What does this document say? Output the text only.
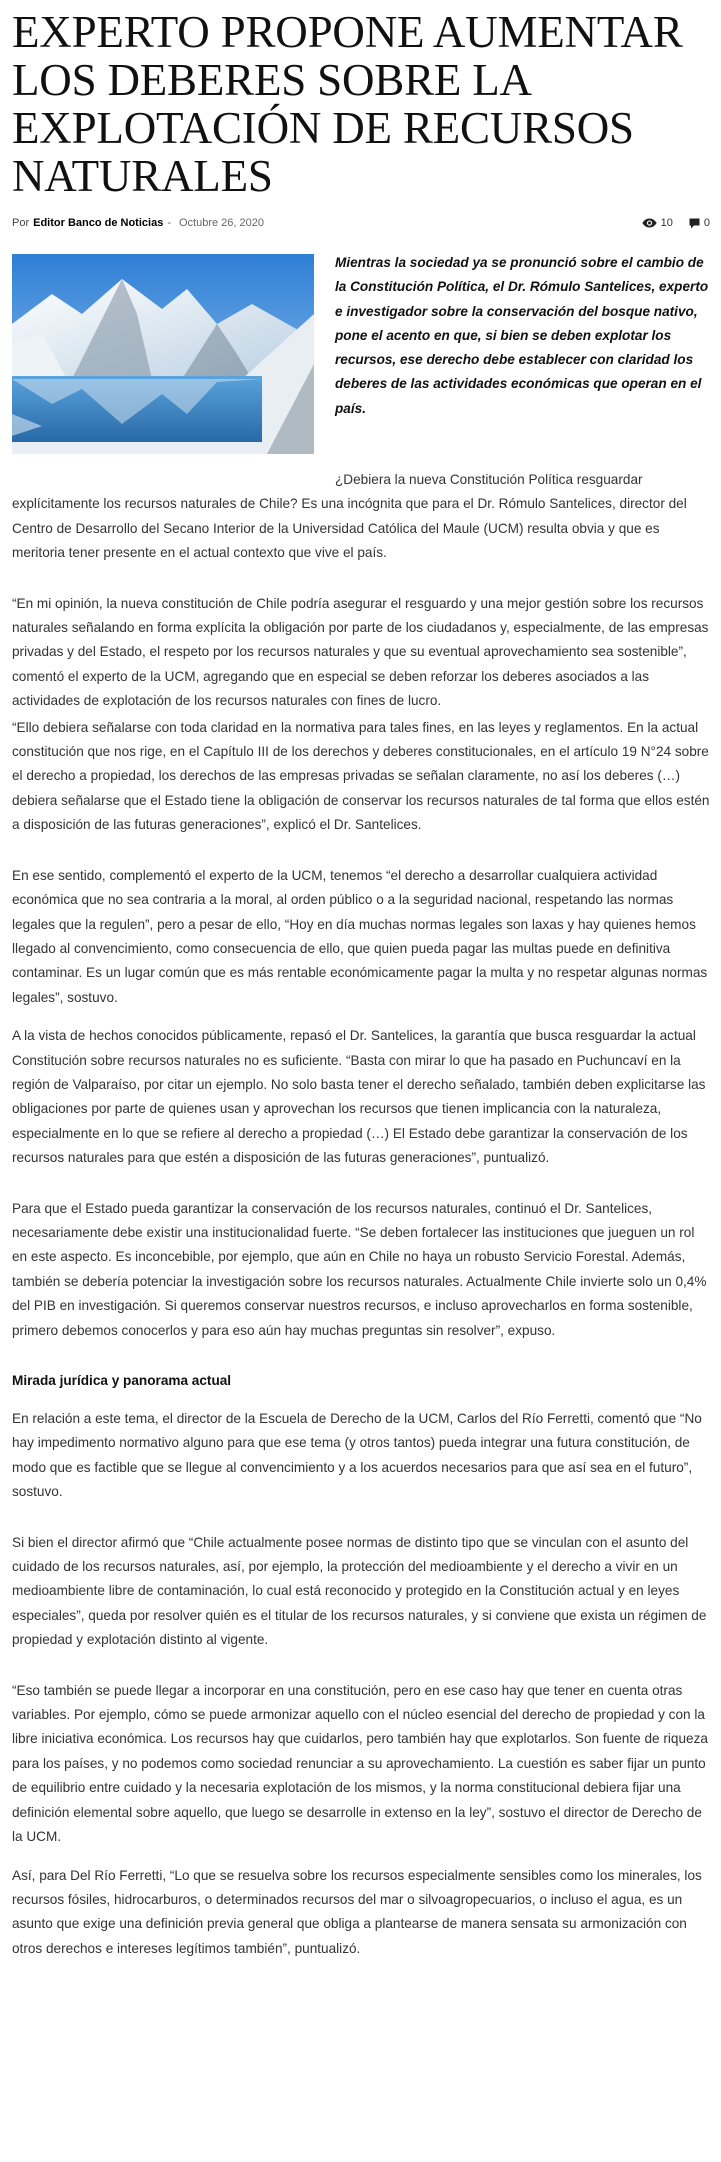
EXPERTO PROPONE AUMENTAR LOS DEBERES SOBRE LA EXPLOTACIÓN DE RECURSOS NATURALES
Por Editor Banco de Noticias - Octubre 26, 2020	10	0

Mientras la sociedad ya se pronunció sobre el cambio de la Constitución Política, el Dr. Rómulo Santelices, experto e investigador sobre la conservación del bosque nativo, pone el acento en que, si bien se deben explotar los recursos, ese derecho debe establecer con claridad los deberes de las actividades económicas que operan en el país.

¿Debiera la nueva Constitución Política resguardar explícitamente los recursos naturales de Chile? Es una incógnita que para el Dr. Rómulo Santelices, director del Centro de Desarrollo del Secano Interior de la Universidad Católica del Maule (UCM) resulta obvia y que es meritoria tener presente en el actual contexto que vive el país.

“En mi opinión, la nueva constitución de Chile podría asegurar el resguardo y una mejor gestión sobre los recursos naturales señalando en forma explícita la obligación por parte de los ciudadanos y, especialmente, de las empresas privadas y del Estado, el respeto por los recursos naturales y que su eventual aprovechamiento sea sostenible”, comentó el experto de la UCM, agregando que en especial se deben reforzar los deberes asociados a las actividades de explotación de los recursos naturales con fines de lucro.

“Ello debiera señalarse con toda claridad en la normativa para tales fines, en las leyes y reglamentos. En la actual constitución que nos rige, en el Capítulo III de los derechos y deberes constitucionales, en el artículo 19 N°24 sobre el derecho a propiedad, los derechos de las empresas privadas se señalan claramente, no así los deberes (…) debiera señalarse que el Estado tiene la obligación de conservar los recursos naturales de tal forma que ellos estén a disposición de las futuras generaciones”, explicó el Dr. Santelices.

En ese sentido, complementó el experto de la UCM, tenemos “el derecho a desarrollar cualquiera actividad económica que no sea contraria a la moral, al orden público o a la seguridad nacional, respetando las normas legales que la regulen”, pero a pesar de ello, “Hoy en día muchas normas legales son laxas y hay quienes hemos llegado al convencimiento, como consecuencia de ello, que quien pueda pagar las multas puede en definitiva contaminar. Es un lugar común que es más rentable económicamente pagar la multa y no respetar algunas normas legales”, sostuvo.

A la vista de hechos conocidos públicamente, repasó el Dr. Santelices, la garantía que busca resguardar la actual Constitución sobre recursos naturales no es suficiente. “Basta con mirar lo que ha pasado en Puchuncaví en la región de Valparaíso, por citar un ejemplo. No solo basta tener el derecho señalado, también deben explicitarse las obligaciones por parte de quienes usan y aprovechan los recursos que tienen implicancia con la naturaleza, especialmente en lo que se refiere al derecho a propiedad (…) El Estado debe garantizar la conservación de los recursos naturales para que estén a disposición de las futuras generaciones”, puntualizó.

Para que el Estado pueda garantizar la conservación de los recursos naturales, continuó el Dr. Santelices, necesariamente debe existir una institucionalidad fuerte. “Se deben fortalecer las instituciones que jueguen un rol en este aspecto. Es inconcebible, por ejemplo, que aún en Chile no haya un robusto Servicio Forestal. Además, también se debería potenciar la investigación sobre los recursos naturales. Actualmente Chile invierte solo un 0,4% del PIB en investigación. Si queremos conservar nuestros recursos, e incluso aprovecharlos en forma sostenible, primero debemos conocerlos y para eso aún hay muchas preguntas sin resolver”, expuso.

Mirada jurídica y panorama actual

En relación a este tema, el director de la Escuela de Derecho de la UCM, Carlos del Río Ferretti, comentó que “No hay impedimento normativo alguno para que ese tema (y otros tantos) pueda integrar una futura constitución, de modo que es factible que se llegue al convencimiento y a los acuerdos necesarios para que así sea en el futuro”, sostuvo.

Si bien el director afirmó que “Chile actualmente posee normas de distinto tipo que se vinculan con el asunto del cuidado de los recursos naturales, así, por ejemplo, la protección del medioambiente y el derecho a vivir en un medioambiente libre de contaminación, lo cual está reconocido y protegido en la Constitución actual y en leyes especiales”, queda por resolver quién es el titular de los recursos naturales, y si conviene que exista un régimen de propiedad y explotación distinto al vigente.

“Eso también se puede llegar a incorporar en una constitución, pero en ese caso hay que tener en cuenta otras variables. Por ejemplo, cómo se puede armonizar aquello con el núcleo esencial del derecho de propiedad y con la libre iniciativa económica. Los recursos hay que cuidarlos, pero también hay que explotarlos. Son fuente de riqueza para los países, y no podemos como sociedad renunciar a su aprovechamiento. La cuestión es saber fijar un punto de equilibrio entre cuidado y la necesaria explotación de los mismos, y la norma constitucional debiera fijar una definición elemental sobre aquello, que luego se desarrolle in extenso en la ley”, sostuvo el director de Derecho de la UCM.

Así, para Del Río Ferretti, “Lo que se resuelva sobre los recursos especialmente sensibles como los minerales, los recursos fósiles, hidrocarburos, o determinados recursos del mar o silvoagropecuarios, o incluso el agua, es un asunto que exige una definición previa general que obliga a plantearse de manera sensata su armonización con otros derechos e intereses legítimos también”, puntualizó.
